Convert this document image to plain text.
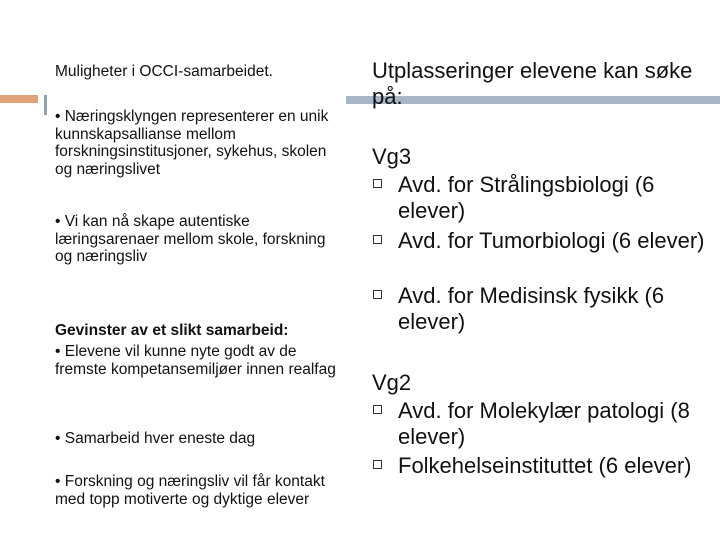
Muligheter i OCCI-samarbeidet.
• Næringsklyngen representerer en unik kunnskapsallianse mellom forskningsinstitusjoner, sykehus, skolen og næringslivet
• Vi kan nå skape autentiske læringsarenaer mellom skole, forskning og næringsliv
Gevinster av et slikt samarbeid:
• Elevene vil kunne nyte godt av de fremste kompetansemiljøer innen realfag
• Samarbeid hver eneste dag
• Forskning og næringsliv vil får kontakt med topp motiverte og dyktige elever
Utplasseringer elevene kan søke på:
Vg3
Avd. for Strålingsbiologi (6 elever)
Avd. for Tumorbiologi (6 elever)
Avd. for Medisinsk fysikk (6 elever)
Vg2
Avd. for Molekylær patologi (8 elever)
Folkehelseinstituttet (6 elever)
